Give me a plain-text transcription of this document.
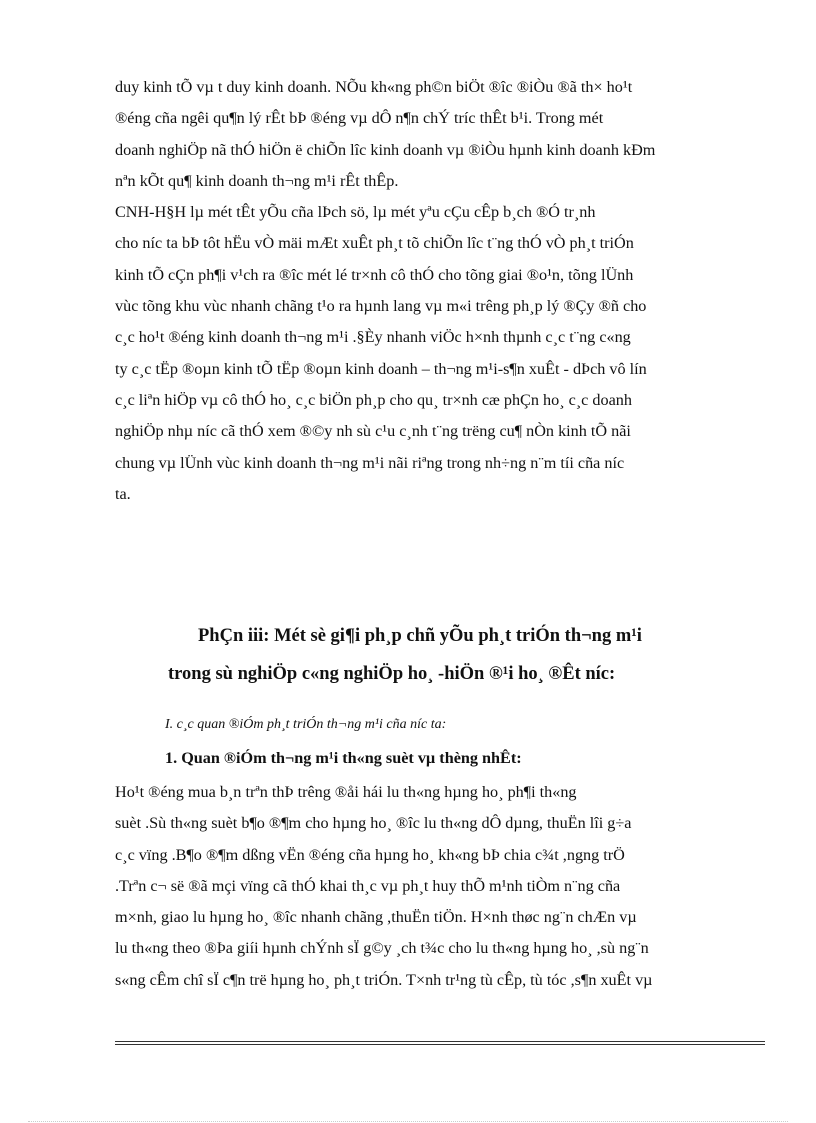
duy kinh tÕ vµ t duy kinh doanh. NÕu kh«ng ph©n biÖt ®îc ®iÒu ®ã th× ho¹t
®éng cña ngêi qu¶n lý rÊt bÞ ®éng vµ dÔ n¶n chÝ tríc thÊt b¹i. Trong mét
doanh nghiÖp nã thÓ hiÖn ë chiÕn lîc kinh doanh vµ ®iÒu hµnh kinh doanh kÐm
nªn kÕt qu¶ kinh doanh th¬ng m¹i rÊt thÊp.
CNH-H§H lµ mét tÊt yÕu cña lÞch sö, lµ mét yªu cÇu cÊp b¸ch ®Ó tr¸nh
cho níc ta bÞ tôt hËu vÒ mäi mÆt xuÊt ph¸t tõ chiÕn lîc t¨ng thÓ vÒ ph¸t triÓn
kinh tÕ cÇn ph¶i v¹ch ra ®îc mét lé tr×nh cô thÓ cho tõng giai ®o¹n, tõng lÜnh
vùc tõng khu vùc nhanh chãng t¹o ra hµnh lang vµ m«i trêng ph¸p lý ®Çy ®ñ cho
c¸c ho¹t ®éng kinh doanh th¬ng m¹i .§Èy nhanh viÖc h×nh thµnh c¸c t¨ng c«ng
ty c¸c tËp ®oµn kinh tÕ tËp ®oµn kinh doanh – th¬ng m¹i-s¶n xuÊt - dÞch vô lín
c¸c liªn hiÖp vµ cô thÓ ho¸ c¸c biÖn ph¸p cho qu¸ tr×nh cæ phÇn ho¸ c¸c doanh
nghiÖp nhµ níc cã thÓ xem ®©y nh sù c¹u c¸nh t¨ng trëng cu¶ nÒn kinh tÕ nãi
chung vµ lÜnh vùc kinh doanh th¬ng m¹i nãi riªng trong nh÷ng n¨m tíi cña níc
ta.
PhÇn iii: Mét sè gi¶i ph¸p chñ yÕu ph¸t triÓn th¬ng m¹i
trong sù nghiÖp c«ng nghiÖp ho¸ -hiÖn ®¹i ho¸ ®Êt níc:
I. c¸c quan ®iÓm ph¸t triÓn th¬ng m¹i cña níc ta:
1. Quan ®iÓm th¬ng m¹i th«ng suèt vµ thèng nhÊt:
Ho¹t ®éng mua b¸n trªn thÞ trêng ®åi hái lu th«ng hµng ho¸ ph¶i th«ng
suèt .Sù th«ng suèt b¶o ®¶m cho hµng ho¸ ®îc lu th«ng dÔ dµng, thuËn lîi g÷a
c¸c vïng .B¶o ®¶m dßng vËn ®éng cña hµng ho¸ kh«ng bÞ chia c¾t ,ngng trÖ
.Trªn c¬ së ®ã mçi vïng cã thÓ khai th¸c vµ ph¸t huy thÕ m¹nh tiÒm n¨ng cña
m×nh, giao lu hµng ho¸ ®îc nhanh chãng ,thuËn tiÖn. H×nh thøc ng¨n chÆn vµ
lu th«ng theo ®Þa giíi hµnh chÝnh sÏ g©y ¸ch t¾c cho lu th«ng hµng ho¸ ,sù ng¨n
s«ng cÊm chî sÏ c¶n trë hµng ho¸ ph¸t triÓn. T×nh tr¹ng tù cÊp, tù tóc ,s¶n xuÊt vµ
